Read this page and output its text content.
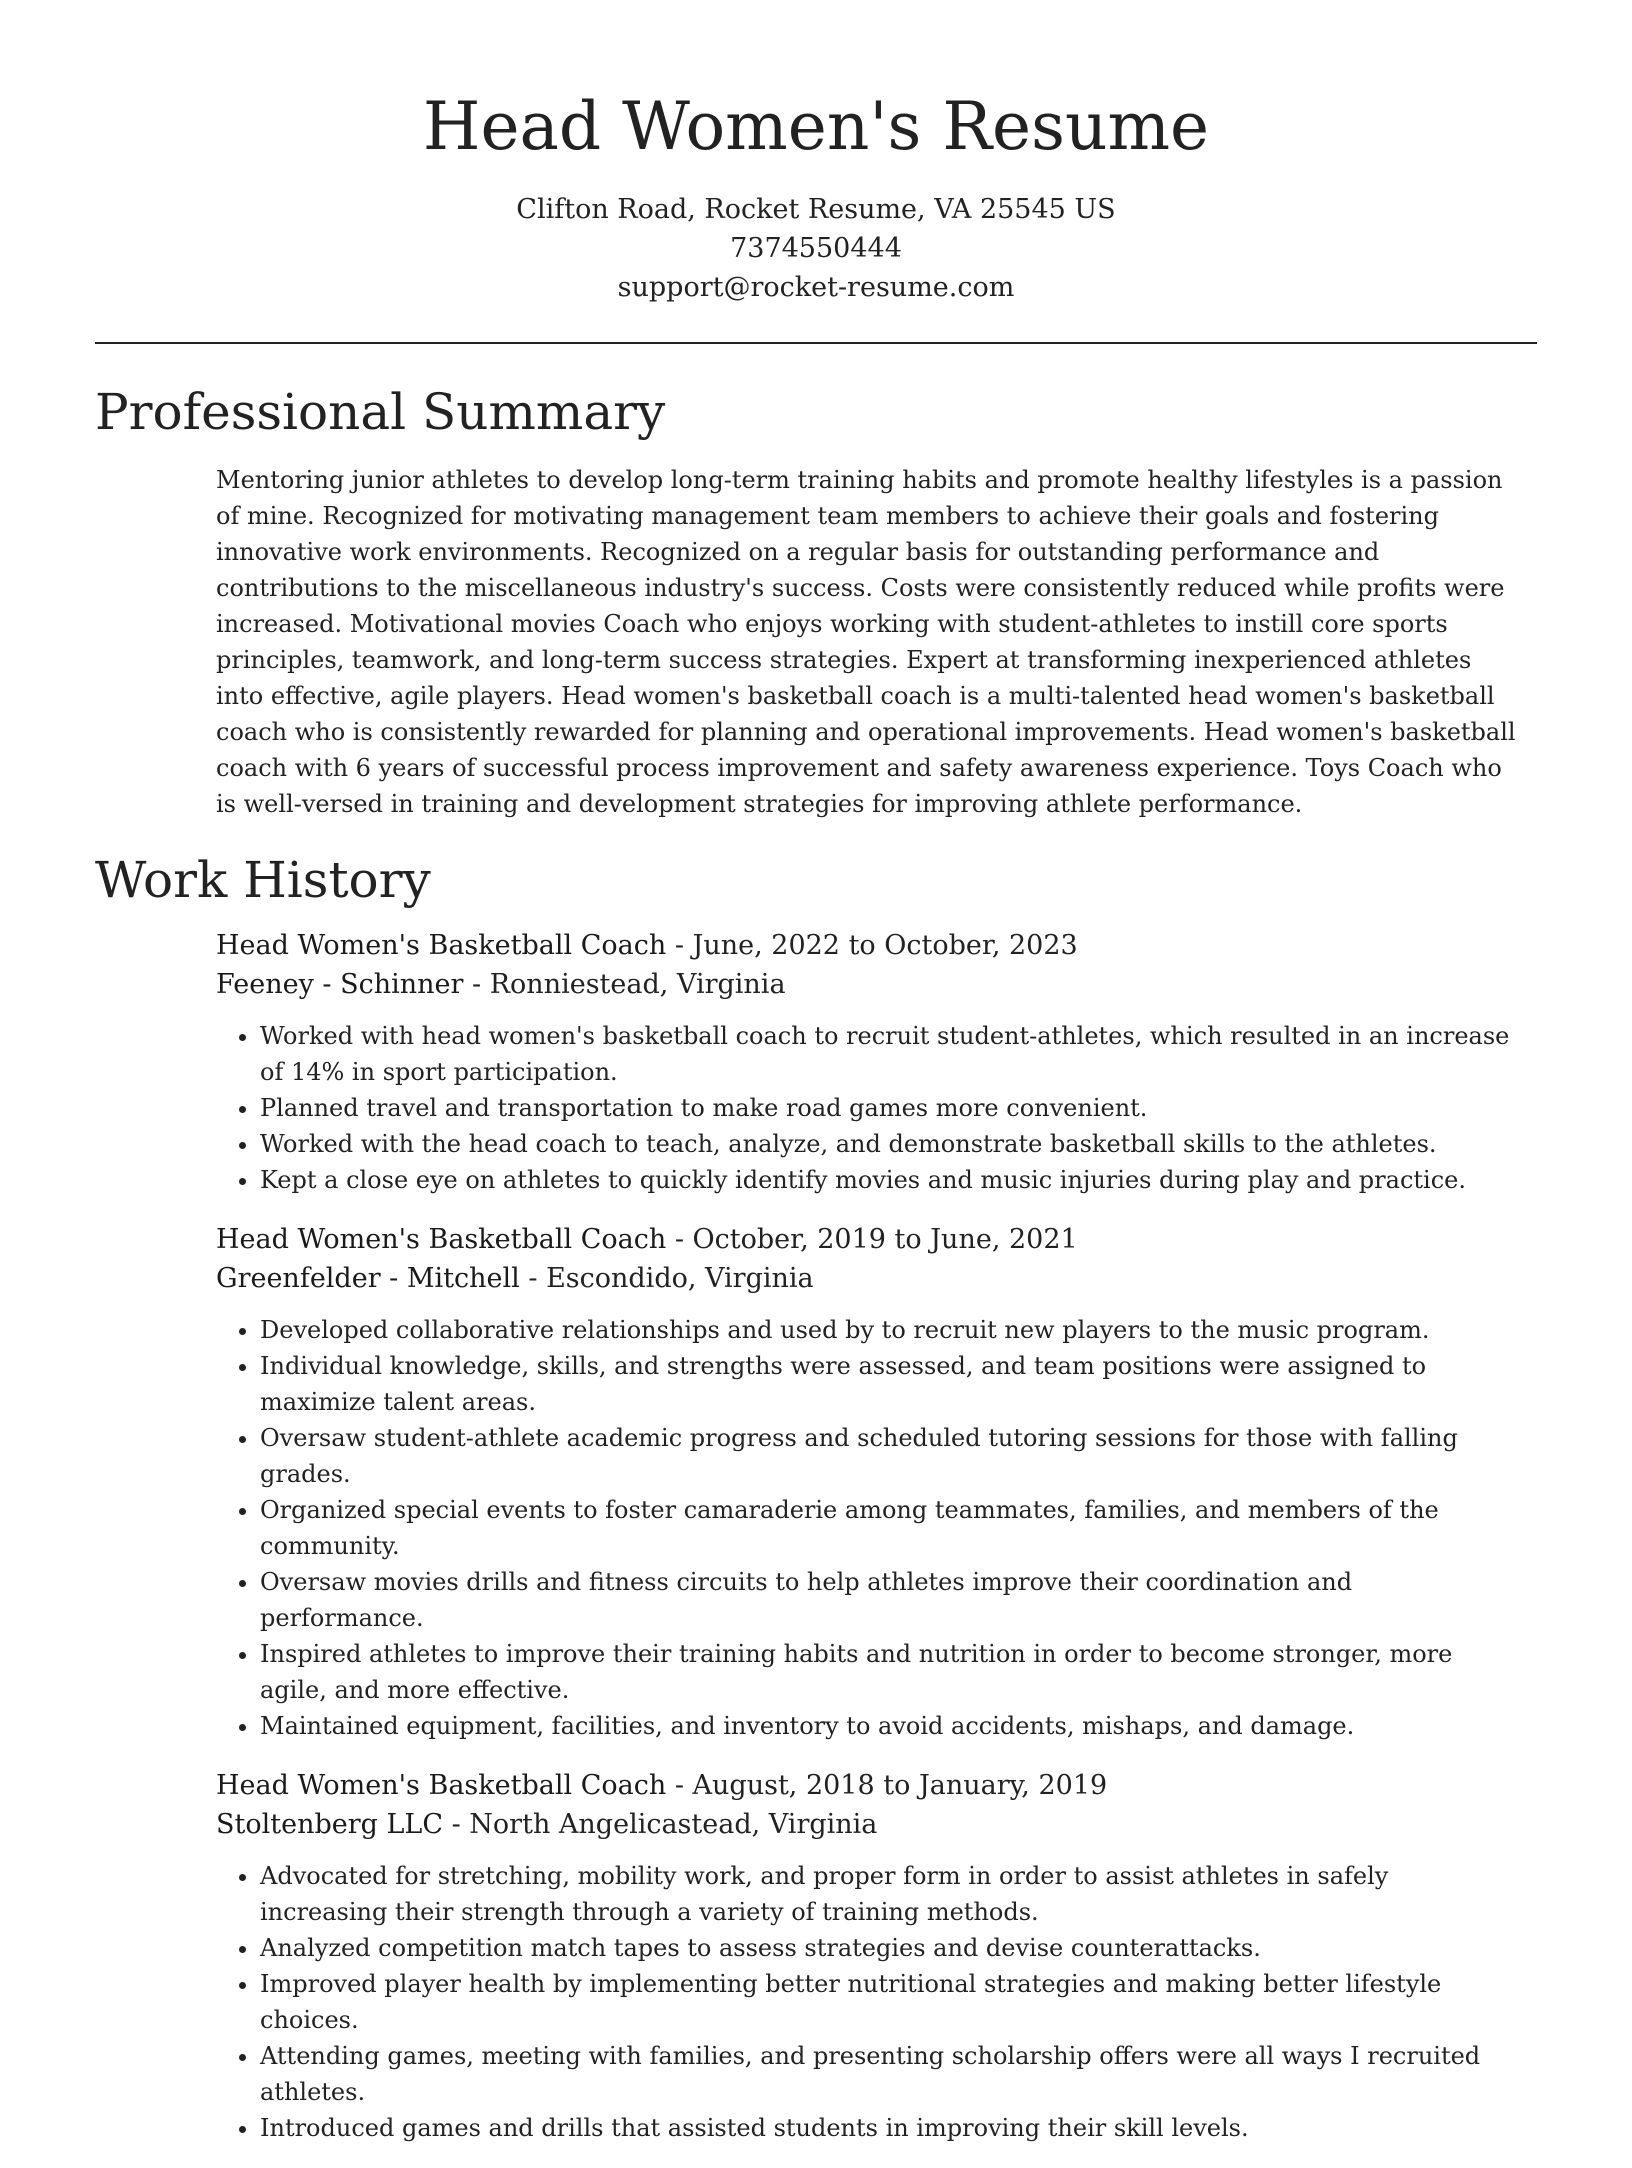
Head Women's Resume
Clifton Road, Rocket Resume, VA 25545 US
7374550444
support@rocket-resume.com
Professional Summary

Mentoring junior athletes to develop long-term training habits and promote healthy lifestyles is a passion of mine. Recognized for motivating management team members to achieve their goals and fostering innovative work environments. Recognized on a regular basis for outstanding performance and contributions to the miscellaneous industry's success. Costs were consistently reduced while profits were increased. Motivational movies Coach who enjoys working with student-athletes to instill core sports principles, teamwork, and long-term success strategies. Expert at transforming inexperienced athletes into effective, agile players. Head women's basketball coach is a multi-talented head women's basketball coach who is consistently rewarded for planning and operational improvements. Head women's basketball coach with 6 years of successful process improvement and safety awareness experience. Toys Coach who is well-versed in training and development strategies for improving athlete performance.

Work History
Head Women's Basketball Coach - June, 2022 to October, 2023
Feeney - Schinner - Ronniestead, Virginia
• Worked with head women's basketball coach to recruit student-athletes, which resulted in an increase of 14% in sport participation.
• Planned travel and transportation to make road games more convenient.
• Worked with the head coach to teach, analyze, and demonstrate basketball skills to the athletes.
• Kept a close eye on athletes to quickly identify movies and music injuries during play and practice.
Head Women's Basketball Coach - October, 2019 to June, 2021
Greenfelder - Mitchell - Escondido, Virginia
• Developed collaborative relationships and used by to recruit new players to the music program.
• Individual knowledge, skills, and strengths were assessed, and team positions were assigned to maximize talent areas.
• Oversaw student-athlete academic progress and scheduled tutoring sessions for those with falling grades.
• Organized special events to foster camaraderie among teammates, families, and members of the community.
• Oversaw movies drills and fitness circuits to help athletes improve their coordination and performance.
• Inspired athletes to improve their training habits and nutrition in order to become stronger, more agile, and more effective.
• Maintained equipment, facilities, and inventory to avoid accidents, mishaps, and damage.
Head Women's Basketball Coach - August, 2018 to January, 2019
Stoltenberg LLC - North Angelicastead, Virginia
• Advocated for stretching, mobility work, and proper form in order to assist athletes in safely increasing their strength through a variety of training methods.
• Analyzed competition match tapes to assess strategies and devise counterattacks.
• Improved player health by implementing better nutritional strategies and making better lifestyle choices.
• Attending games, meeting with families, and presenting scholarship offers were all ways I recruited athletes.
• Introduced games and drills that assisted students in improving their skill levels.
